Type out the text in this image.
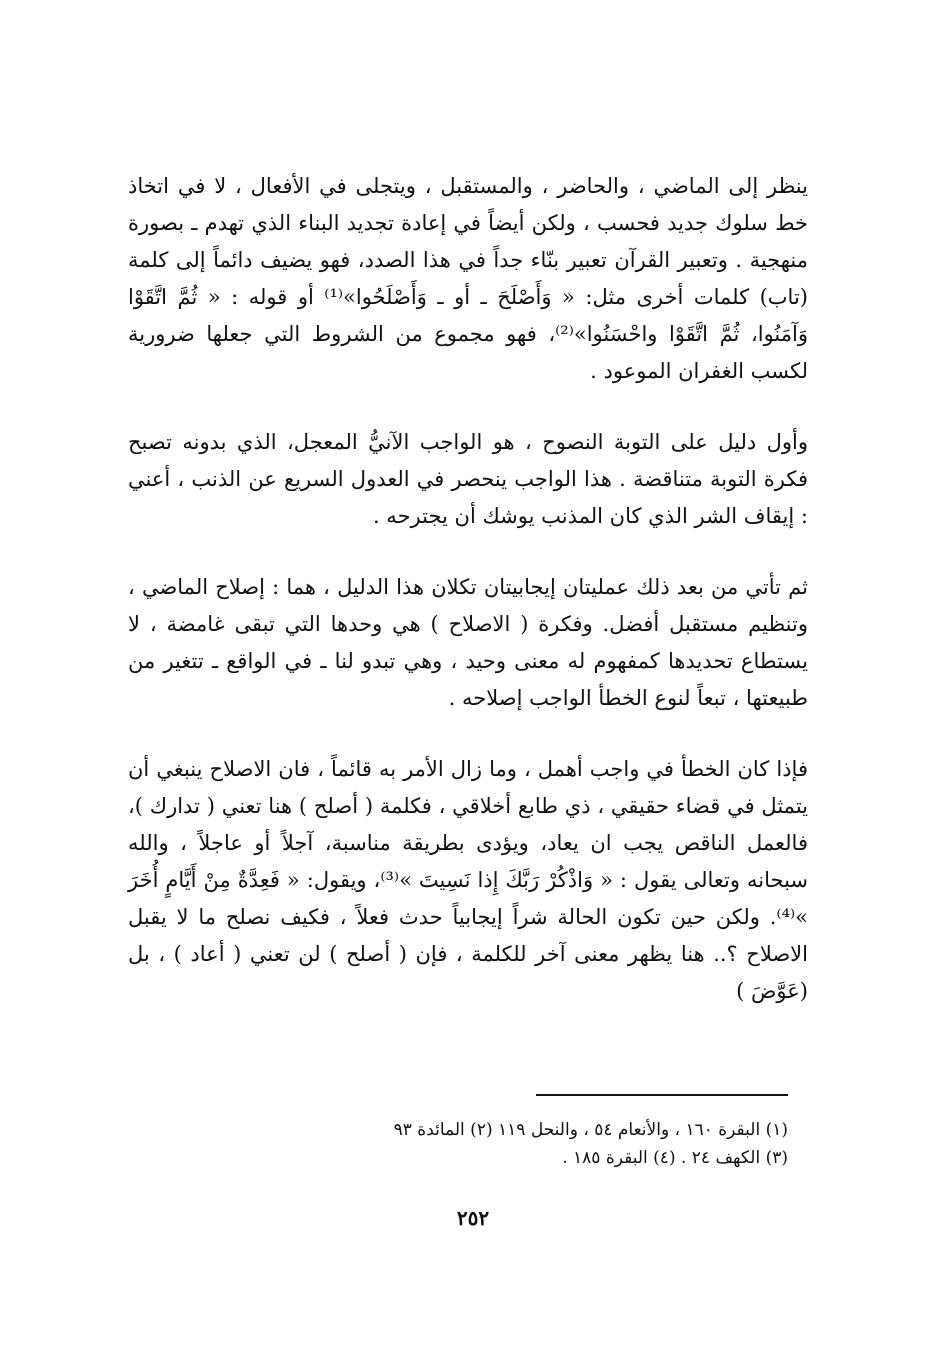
ينظر إلى الماضي ، والحاضر ، والمستقبل ، ويتجلى في الأفعال ، لا في اتخاذ خط سلوك جديد فحسب ، ولكن أيضاً في إعادة تجديد البناء الذي تهدم ـ بصورة منهجية . وتعبير القرآن تعبير بنّاء جداً في هذا الصدد، فهو يضيف دائماً إلى كلمة (تاب) كلمات أخرى مثل: « وَأَصْلَحَ ـ أو ـ وَأَصْلَحُوا»⁽¹⁾ أو قوله : « ثُمَّ اتَّقَوْا وَآمَنُوا، ثُمَّ اتَّقَوْا واحْسَنُوا»⁽²⁾، فهو مجموع من الشروط التي جعلها ضرورية لكسب الغفران الموعود .

وأول دليل على التوبة النصوح ، هو الواجب الآنيُّ المعجل، الذي بدونه تصبح فكرة التوبة متناقضة . هذا الواجب ينحصر في العدول السريع عن الذنب ، أعني : إيقاف الشر الذي كان المذنب يوشك أن يجترحه .

ثم تأتي من بعد ذلك عمليتان إيجابيتان تكلان هذا الدليل ، هما : إصلاح الماضي ، وتنظيم مستقبل أفضل. وفكرة ( الاصلاح ) هي وحدها التي تبقى غامضة ، لا يستطاع تحديدها كمفهوم له معنى وحيد ، وهي تبدو لنا ـ في الواقع ـ تتغير من طبيعتها ، تبعاً لنوع الخطأ الواجب إصلاحه .

فإذا كان الخطأ في واجب أهمل ، وما زال الأمر به قائماً ، فان الاصلاح ينبغي أن يتمثل في قضاء حقيقي ، ذي طابع أخلاقي ، فكلمة ( أصلح ) هنا تعني ( تدارك )، فالعمل الناقص يجب ان يعاد، ويؤدى بطريقة مناسبة، آجلاً أو عاجلاً ، والله سبحانه وتعالى يقول : « وَاذْكُرْ رَبَّكَ إِذا نَسِيتَ »⁽³⁾، ويقول: « فَعِدَّةٌ مِنْ أَيَّامٍ أُخَرَ »⁽⁴⁾. ولكن حين تكون الحالة شراً إيجابياً حدث فعلاً ، فكيف نصلح ما لا يقبل الاصلاح ؟.. هنا يظهر معنى آخر للكلمة ، فإن ( أصلح ) لن تعني ( أعاد ) ، بل (عَوَّضَ )

(١) البقرة ١٦٠ ، والأنعام ٥٤ ، والنحل ١١٩ (٢) المائدة ٩٣

(٣) الكهف ٢٤ . (٤) البقرة ١٨٥ .

٢٥٢
